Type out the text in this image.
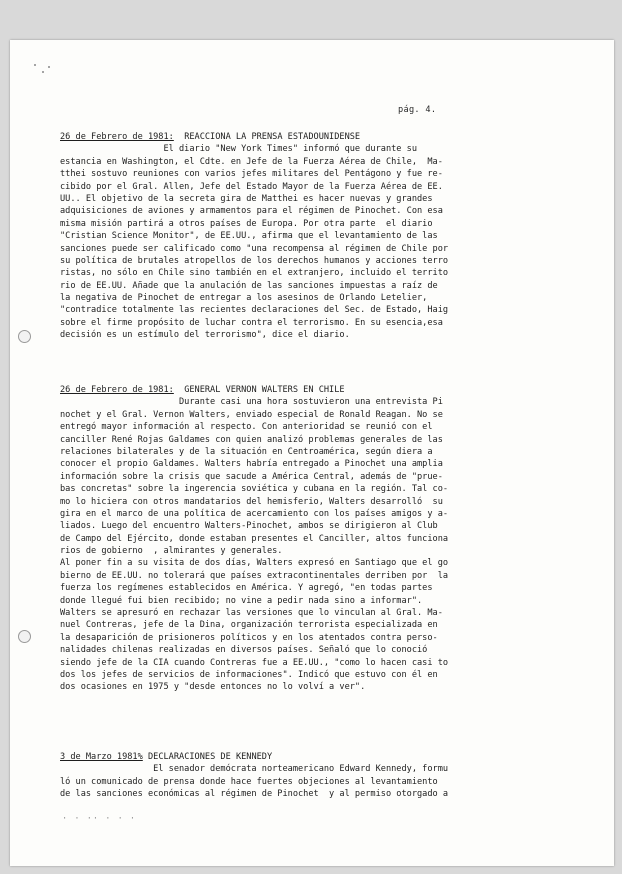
pág. 4.
26 de Febrero de 1981: REACCIONA LA PRENSA ESTADOUNIDENSE
El diario "New York Times" informó que durante su
estancia en Washington, el Cdte. en Jefe de la Fuerza Aérea de Chile,  Ma-
tthei sostuvo reuniones con varios jefes militares del Pentágono y fue re-
cibido por el Gral. Allen, Jefe del Estado Mayor de la Fuerza Aérea de EE.
UU.. El objetivo de la secreta gira de Matthei es hacer nuevas y grandes
adquisiciones de aviones y armamentos para el régimen de Pinochet. Con esa
misma misión partirá a otros países de Europa. Por otra parte  el diario
"Cristian Science Monitor", de EE.UU., afirma que el levantamiento de las
sanciones puede ser calificado como "una recompensa al régimen de Chile por
su política de brutales atropellos de los derechos humanos y acciones terro
ristas, no sólo en Chile sino también en el extranjero, incluido el territo
rio de EE.UU. Añade que la anulación de las sanciones impuestas a raíz de
la negativa de Pinochet de entregar a los asesinos de Orlando Letelier,
"contradice totalmente las recientes declaraciones del Sec. de Estado, Haig
sobre el firme propósito de luchar contra el terrorismo. En su esencia,esa
decisión es un estímulo del terrorismo", dice el diario.
26 de Febrero de 1981: GENERAL VERNON WALTERS EN CHILE
Durante casi una hora sostuvieron una entrevista Pi
nochet y el Gral. Vernon Walters, enviado especial de Ronald Reagan. No se
entregó mayor información al respecto. Con anterioridad se reunió con el
canciller René Rojas Galdames con quien analizó problemas generales de las
relaciones bilaterales y de la situación en Centroamérica, según diera a
conocer el propio Galdames. Walters habría entregado a Pinochet una amplia
información sobre la crisis que sacude a América Central, además de "prue-
bas concretas" sobre la ingerencia soviética y cubana en la región. Tal co-
mo lo hiciera con otros mandatarios del hemisferio, Walters desarrolló  su
gira en el marco de una política de acercamiento con los países amigos y a-
liados. Luego del encuentro Walters-Pinochet, ambos se dirigieron al Club
de Campo del Ejército, donde estaban presentes el Canciller, altos funciona
rios de gobierno  , almirantes y generales.
Al poner fin a su visita de dos días, Walters expresó en Santiago que el go
bierno de EE.UU. no tolerará que países extracontinentales derriben por  la
fuerza los regímenes establecidos en América. Y agregó, "en todas partes
donde llegué fui bien recibido; no vine a pedir nada sino a informar".
Walters se apresuró en rechazar las versiones que lo vinculan al Gral. Ma-
nuel Contreras, jefe de la Dina, organización terrorista especializada en
la desaparición de prisioneros políticos y en los atentados contra perso-
nalidades chilenas realizadas en diversos países. Señaló que lo conoció
siendo jefe de la CIA cuando Contreras fue a EE.UU., "como lo hacen casi to
dos los jefes de servicios de informaciones". Indicó que estuvo con él en
dos ocasiones en 1975 y "desde entonces no lo volví a ver".
3 de Marzo 1981% DECLARACIONES DE KENNEDY
El senador demócrata norteamericano Edward Kennedy, formu
ló un comunicado de prensa donde hace fuertes objeciones al levantamiento
de las sanciones económicas al régimen de Pinochet  y al permiso otorgado a
· · ·· · · ·
